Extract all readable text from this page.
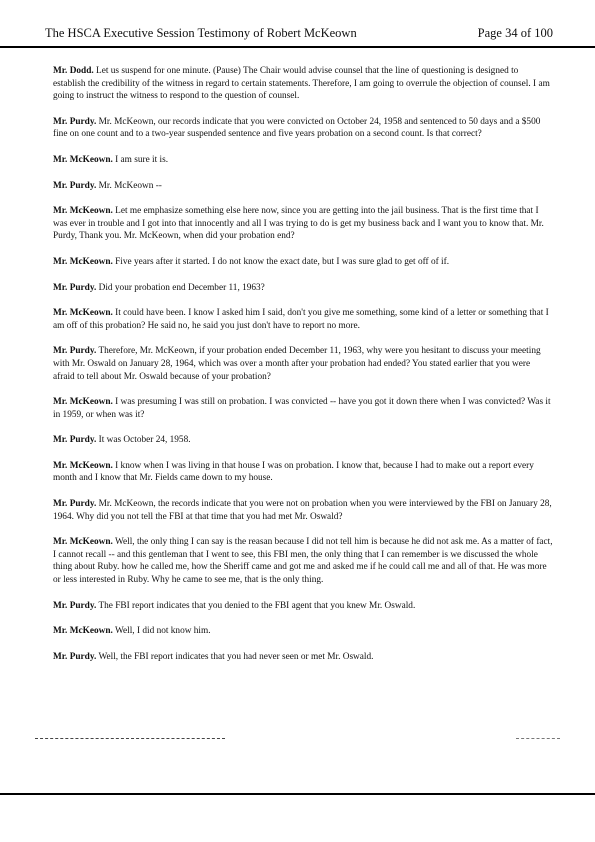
The HSCA Executive Session Testimony of Robert McKeown	Page 34 of 100

Mr. Dodd. Let us suspend for one minute. (Pause) The Chair would advise counsel that the line of questioning is designed to establish the credibility of the witness in regard to certain statements. Therefore, I am going to overrule the objection of counsel. I am going to instruct the witness to respond to the question of counsel.

Mr. Purdy. Mr. McKeown, our records indicate that you were convicted on October 24, 1958 and sentenced to 50 days and a $500 fine on one count and to a two-year suspended sentence and five years probation on a second count. Is that correct?

Mr. McKeown. I am sure it is.

Mr. Purdy. Mr. McKeown --

Mr. McKeown. Let me emphasize something else here now, since you are getting into the jail business. That is the first time that I was ever in trouble and I got into that innocently and all I was trying to do is get my business back and I want you to know that. Mr. Purdy, Thank you. Mr. McKeown, when did your probation end?

Mr. McKeown. Five years after it started. I do not know the exact date, but I was sure glad to get off of if.

Mr. Purdy. Did your probation end December 11, 1963?

Mr. McKeown. It could have been. I know I asked him I said, don't you give me something, some kind of a letter or something that I am off of this probation? He said no, he said you just don't have to report no more.

Mr. Purdy. Therefore, Mr. McKeown, if your probation ended December 11, 1963, why were you hesitant to discuss your meeting with Mr. Oswald on January 28, 1964, which was over a month after your probation had ended? You stated earlier that you were afraid to tell about Mr. Oswald because of your probation?

Mr. McKeown. I was presuming I was still on probation. I was convicted -- have you got it down there when I was convicted? Was it in 1959, or when was it?

Mr. Purdy. It was October 24, 1958.

Mr. McKeown. I know when I was living in that house I was on probation. I know that, because I had to make out a report every month and I know that Mr. Fields came down to my house.

Mr. Purdy. Mr. McKeown, the records indicate that you were not on probation when you were interviewed by the FBI on January 28, 1964. Why did you not tell the FBI at that time that you had met Mr. Oswald?

Mr. McKeown. Well, the only thing I can say is the reasan because I did not tell him is because he did not ask me. As a matter of fact, I cannot recall -- and this gentleman that I went to see, this FBI men, the only thing that I can remember is we discussed the whole thing about Ruby. how he called me, how the Sheriff came and got me and asked me if he could call me and all of that. He was more or less interested in Ruby. Why he came to see me, that is the only thing.

Mr. Purdy. The FBI report indicates that you denied to the FBI agent that you knew Mr. Oswald.

Mr. McKeown. Well, I did not know him.

Mr. Purdy. Well, the FBI report indicates that you had never seen or met Mr. Oswald.
